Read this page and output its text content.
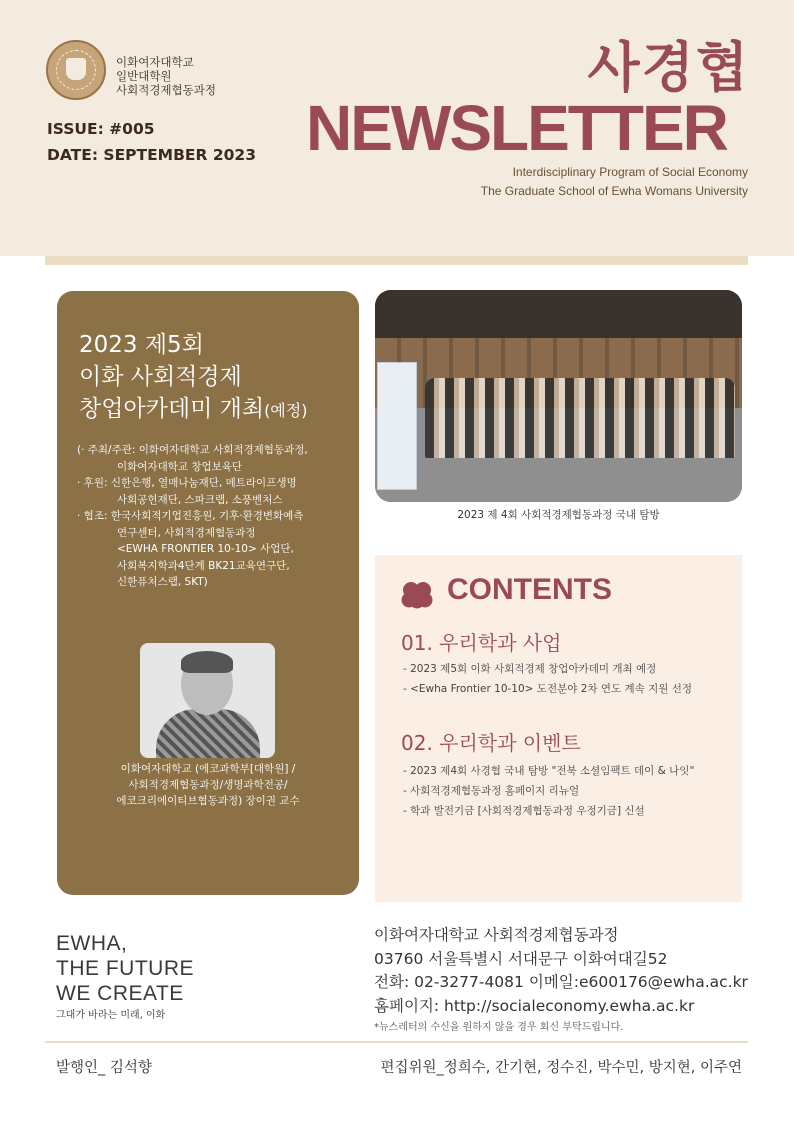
이화여자대학교
일반대학원
사회적경제협동과정
ISSUE: #005
DATE: SEPTEMBER 2023
사경협
NEWSLETTER
Interdisciplinary Program of Social Economy
The Graduate School of Ewha Womans University
2023 제5회
이화 사회적경제
창업아카데미 개최(예정)
(· 주최/주관: 이화여자대학교 사회적경제협동과정,
이화여자대학교 창업보육단
· 후원: 신한은행, 열매나눔재단, 메트라이프생명
사회공헌재단, 스파크랩, 소풍벤처스
· 협조: 한국사회적기업진흥원, 기후·환경변화예측
연구센터, 사회적경제협동과정
<EWHA FRONTIER 10-10> 사업단,
사회복지학과4단계 BK21교육연구단,
신한퓨처스랩, SKT)
이화여자대학교 (에코과학부[대학원] /
사회적경제협동과정/생명과학전공/
에코크리에이티브협동과정) 장이권 교수
2023 제 4회 사회적경제협동과정 국내 탐방
CONTENTS
01. 우리학과 사업
- 2023 제5회 이화 사회적경제 창업아카데미 개최 예정
- <Ewha Frontier 10-10> 도전분야 2차 연도 계속 지원 선정
02. 우리학과 이벤트
- 2023 제4회 사경협 국내 탐방 "전북 소셜임팩트 데이 & 나잇"
- 사회적경제협동과정 홈페이지 리뉴얼
- 학과 발전기금 [사회적경제협동과정 우정기금] 신설
EWHA,
THE FUTURE
WE CREATE
그대가 바라는 미래, 이화
이화여자대학교 사회적경제협동과정
03760 서울특별시 서대문구 이화여대길52
전화: 02-3277-4081 이메일:e600176@ewha.ac.kr
홈페이지: http://socialeconomy.ewha.ac.kr
*뉴스레터의 수신을 원하지 않을 경우 회신 부탁드립니다.
발행인_ 김석향	편집위원_정희수, 간기현, 정수진, 박수민, 방지현, 이주연
